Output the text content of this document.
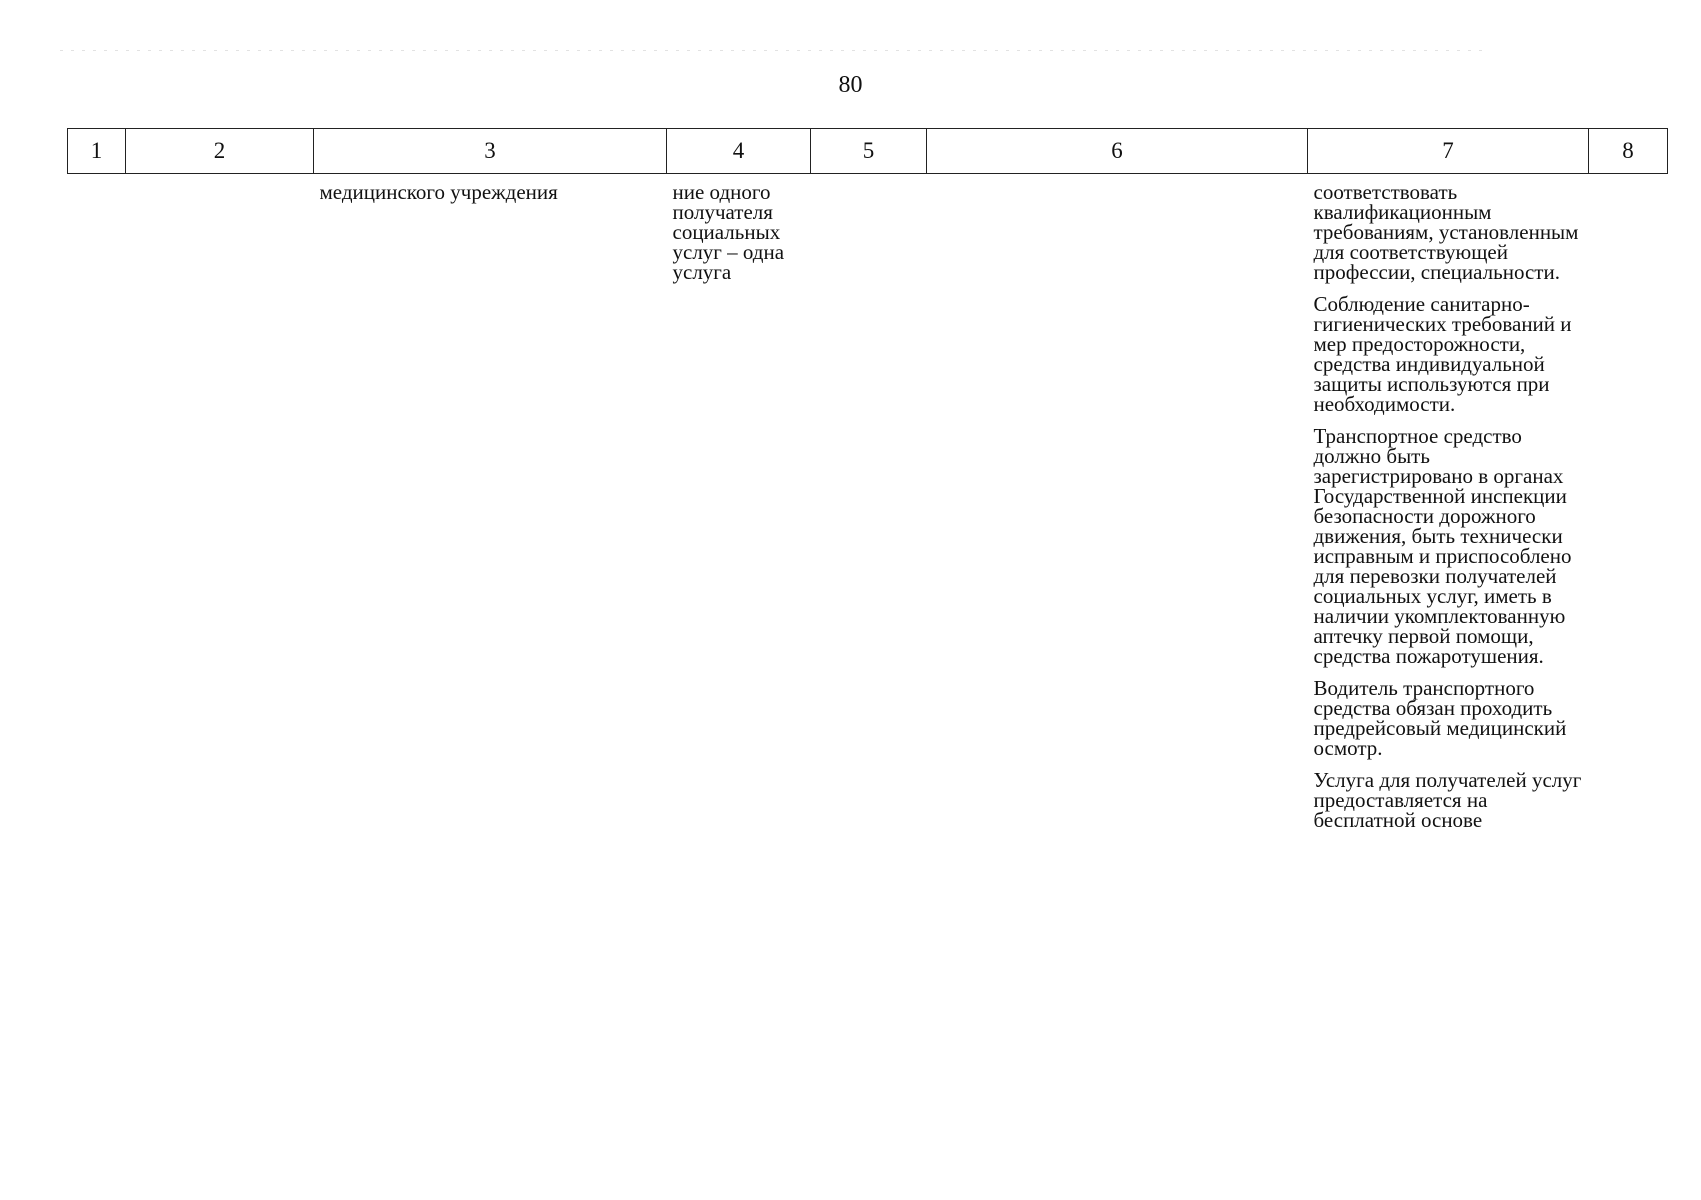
80
1	2	3	4	5	6	7	8
		медицинского учреждения	ние одного получателя социальных услуг – одна услуга			соответствовать квалификационным требованиям, установленным для соответствующей профессии, специальности.

Соблюдение санитарно-гигиенических требований и мер предосторожности, средства индивидуальной защиты используются при необходимости.

Транспортное средство должно быть зарегистрировано в органах Государственной инспекции безопасности дорожного движения, быть технически исправным и приспособлено для перевозки получателей социальных услуг, иметь в наличии укомплектованную аптечку первой помощи, средства пожаротушения.

Водитель транспортного средства обязан проходить предрейсовый медицинский осмотр.

Услуга для получателей услуг предоставляется на бесплатной основе	
